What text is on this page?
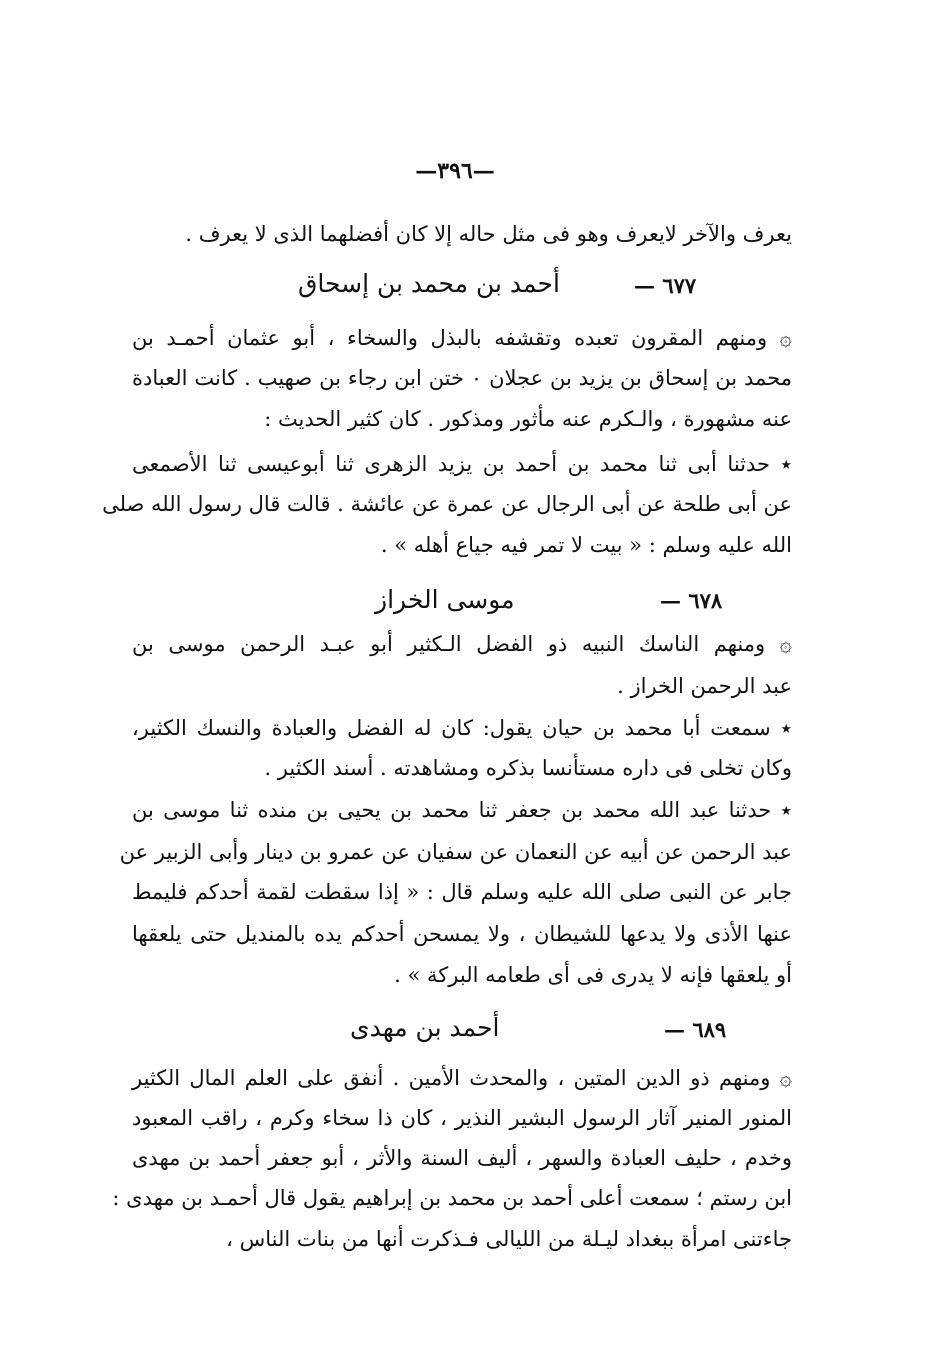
—٣٩٦—
يعرف والآخر لايعرف وهو فى مثل حاله إلا كان أفضلهما الذى لا يعرف .
٦٧٧ —
أحمد بن محمد بن إسحاق
۞ ومنهم المقرون تعبده وتقشفه بالبذل والسخاء ، أبو عثمان أحمـد بن
محمد بن إسحاق بن يزيد بن عجلان ٠ ختن ابن رجاء بن صهيب . كانت العبادة
عنه مشهورة ، والـكرم عنه مأثور ومذكور . كان كثير الحديث :
٭ حدثنا أبى ثنا محمد بن أحمد بن يزيد الزهرى ثنا أبوعيسى ثنا الأصمعى
عن أبى طلحة عن أبى الرجال عن عمرة عن عائشة . قالت قال رسول الله صلى
الله عليه وسلم : « بيت لا تمر فيه جياع أهله » .
٦٧٨ —
موسى الخراز
۞ ومنهم الناسك النبيه ذو الفضل الـكثير أبو عبـد الرحمن موسى بن
عبد الرحمن الخراز .
٭ سمعت أبا محمد بن حيان يقول: كان له الفضل والعبادة والنسك الكثير،
وكان تخلى فى داره مستأنسا بذكره ومشاهدته . أسند الكثير .
٭ حدثنا عبد الله محمد بن جعفر ثنا محمد بن يحيى بن منده ثنا موسى بن
عبد الرحمن عن أبيه عن النعمان عن سفيان عن عمرو بن دينار وأبى الزبير عن
جابر عن النبى صلى الله عليه وسلم قال : « إذا سقطت لقمة أحدكم فليمط
عنها الأذى ولا يدعها للشيطان ، ولا يمسحن أحدكم يده بالمنديل حتى يلعقها
أو يلعقها فإنه لا يدرى فى أى طعامه البركة » .
٦٨٩ —
أحمد بن مهدى
۞ ومنهم ذو الدين المتين ، والمحدث الأمين . أنفق على العلم المال الكثير
المنور المنير آثار الرسول البشير النذير ، كان ذا سخاء وكرم ، راقب المعبود
وخدم ، حليف العبادة والسهر ، أليف السنة والأثر ، أبو جعفر أحمد بن مهدى
ابن رستم ؛ سمعت أعلى أحمد بن محمد بن إبراهيم يقول قال أحمـد بن مهدى :
جاءتنى امرأة ببغداد ليـلة من الليالى فـذكرت أنها من بنات الناس ،
